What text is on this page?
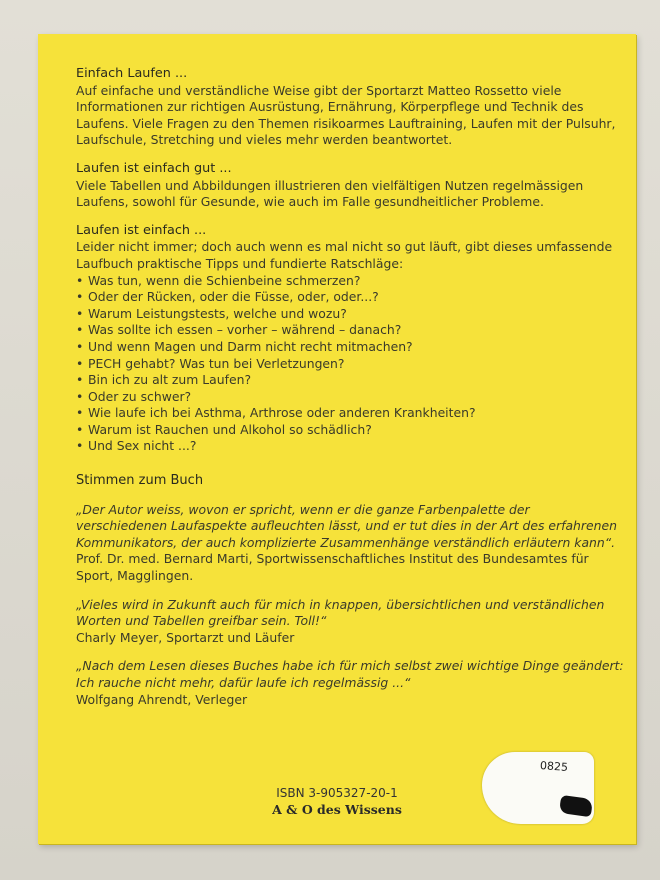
Einfach Laufen ...

Auf einfache und verständliche Weise gibt der Sportarzt Matteo Rossetto viele Informationen zur richtigen Ausrüstung, Ernährung, Körperpflege und Technik des Laufens. Viele Fragen zu den Themen risikoarmes Lauftraining, Laufen mit der Pulsuhr, Laufschule, Stretching und vieles mehr werden beantwortet.

Laufen ist einfach gut ...

Viele Tabellen und Abbildungen illustrieren den vielfältigen Nutzen regelmässigen Laufens, sowohl für Gesunde, wie auch im Falle gesundheitlicher Probleme.

Laufen ist einfach ...

Leider nicht immer; doch auch wenn es mal nicht so gut läuft, gibt dieses umfassende Laufbuch praktische Tipps und fundierte Ratschläge:

• Was tun, wenn die Schienbeine schmerzen?
• Oder der Rücken, oder die Füsse, oder, oder...?
• Warum Leistungstests, welche und wozu?
• Was sollte ich essen – vorher – während – danach?
• Und wenn Magen und Darm nicht recht mitmachen?
• PECH gehabt? Was tun bei Verletzungen?
• Bin ich zu alt zum Laufen?
• Oder zu schwer?
• Wie laufe ich bei Asthma, Arthrose oder anderen Krankheiten?
• Warum ist Rauchen und Alkohol so schädlich?
• Und Sex nicht ...?

Stimmen zum Buch

„Der Autor weiss, wovon er spricht, wenn er die ganze Farbenpalette der verschiedenen Laufaspekte aufleuchten lässt, und er tut dies in der Art des erfahrenen Kommunikators, der auch komplizierte Zusammenhänge verständlich erläutern kann“.

Prof. Dr. med. Bernard Marti, Sportwissenschaftliches Institut des Bundesamtes für Sport, Magglingen.

„Vieles wird in Zukunft auch für mich in knappen, übersichtlichen und verständlichen Worten und Tabellen greifbar sein. Toll!“

Charly Meyer, Sportarzt und Läufer

„Nach dem Lesen dieses Buches habe ich für mich selbst zwei wichtige Dinge geändert: Ich rauche nicht mehr, dafür laufe ich regelmässig ...“

Wolfgang Ahrendt, Verleger

ISBN 3-905327-20-1
A & O des Wissens
0825
